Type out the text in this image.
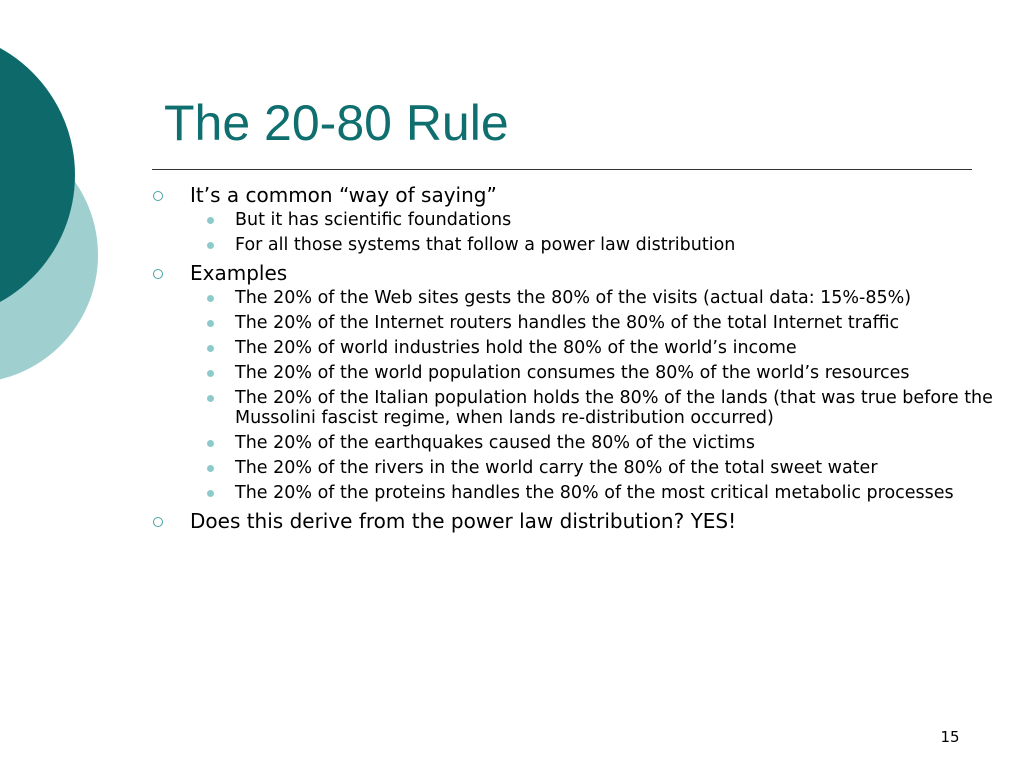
The 20-80 Rule
It’s a common “way of saying”
But it has scientific foundations
For all those systems that follow a power law distribution
Examples
The 20% of the Web sites gests the 80% of the visits (actual data: 15%-85%)
The 20% of the Internet routers handles the 80% of the total Internet traffic
The 20% of world industries hold the 80% of the world’s income
The 20% of the world population consumes the 80% of the world’s resources
The 20% of the Italian population holds the 80% of the lands (that was true before the Mussolini fascist regime, when lands re-distribution occurred)
The 20% of the earthquakes caused the 80% of the victims
The 20% of the rivers in the world carry the 80% of the total sweet water
The 20% of the proteins handles the 80% of the most critical metabolic processes
Does this derive from the power law distribution? YES!
15
